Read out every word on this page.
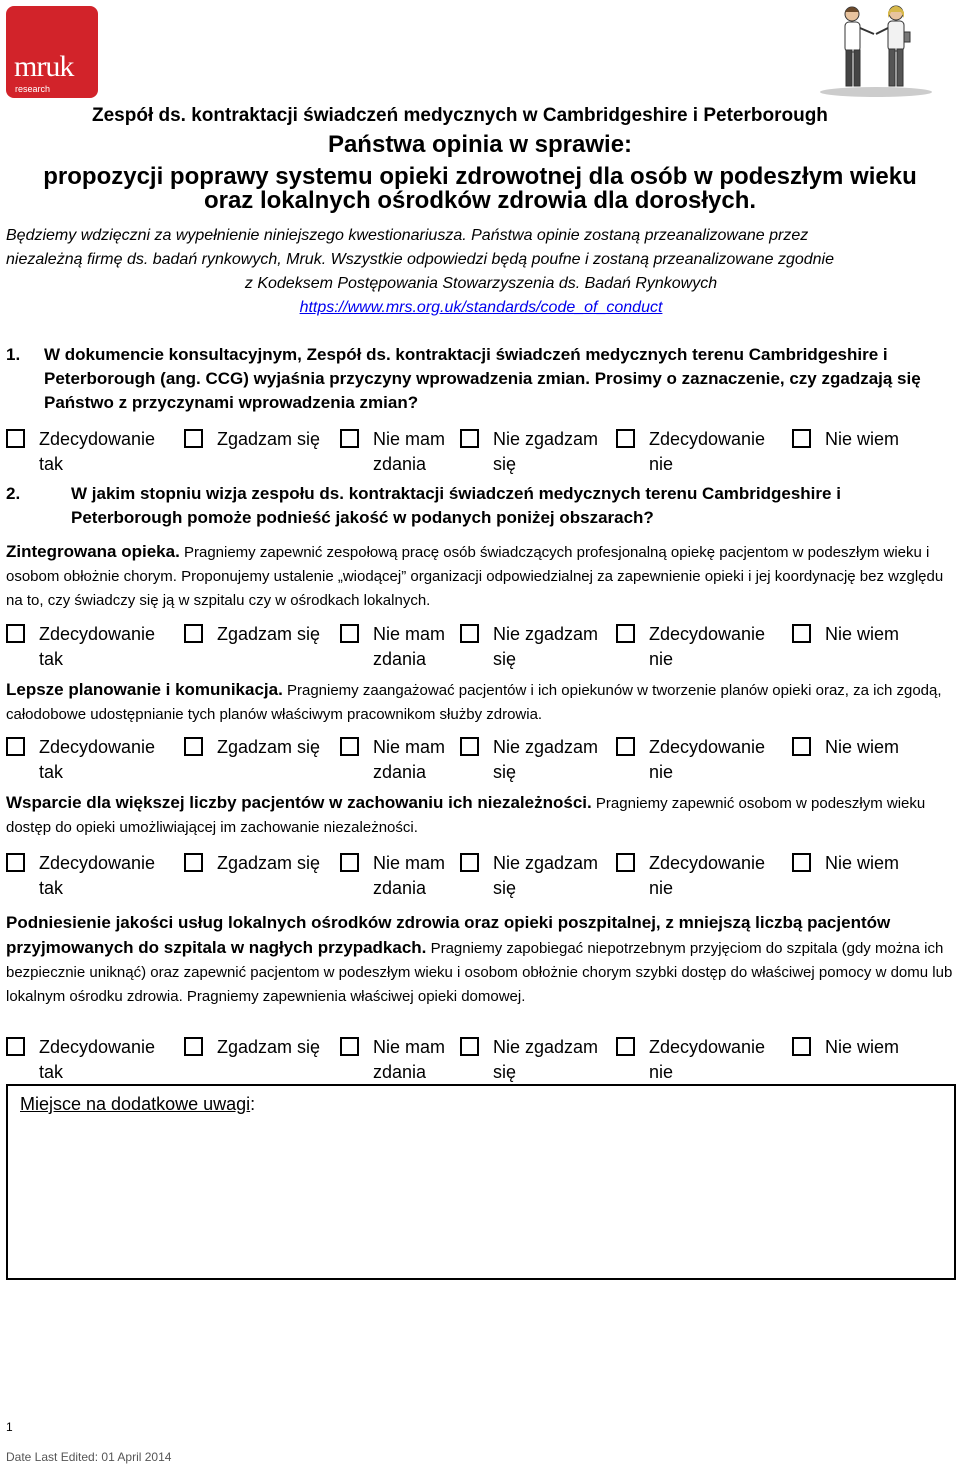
mruk
research
Zespół ds. kontraktacji świadczeń medycznych w Cambridgeshire i Peterborough
Państwa opinia w sprawie:
propozycji poprawy systemu opieki zdrowotnej dla osób w podeszłym wieku
oraz lokalnych ośrodków zdrowia dla dorosłych.

Będziemy wdzięczni za wypełnienie niniejszego kwestionariusza. Państwa opinie zostaną przeanalizowane przez

niezależną firmę ds. badań rynkowych, Mruk. Wszystkie odpowiedzi będą poufne i zostaną przeanalizowane zgodnie

z Kodeksem Postępowania Stowarzyszenia ds. Badań Rynkowych

https://www.mrs.org.uk/standards/code_of_conduct
1. W dokumencie konsultacyjnym, Zespół ds. kontraktacji świadczeń medycznych terenu Cambridgeshire i Peterborough (ang. CCG) wyjaśnia przyczyny wprowadzenia zmian. Prosimy o zaznaczenie, czy zgadzają się Państwo z przyczynami wprowadzenia zmian?
Zdecydowanie
tak
Zgadzam się	Nie mam
zdania
Nie zgadzam
się
Zdecydowanie
nie
Nie wiem
2.	W jakim stopniu wizja zespołu ds. kontraktacji świadczeń medycznych terenu Cambridgeshire i Peterborough pomoże podnieść jakość w podanych poniżej obszarach?
Zintegrowana opieka. Pragniemy zapewnić zespołową pracę osób świadczących profesjonalną opiekę pacjentom w podeszłym wieku i osobom obłożnie chorym. Proponujemy ustalenie „wiodącej” organizacji odpowiedzialnej za zapewnienie opieki i jej koordynację bez względu na to, czy świadczy się ją w szpitalu czy w ośrodkach lokalnych.
Zdecydowanie
tak
Zgadzam się	Nie mam
zdania
Nie zgadzam
się
Zdecydowanie
nie
Nie wiem
Lepsze planowanie i komunikacja. Pragniemy zaangażować pacjentów i ich opiekunów w tworzenie planów opieki oraz, za ich zgodą, całodobowe udostępnianie tych planów właściwym pracownikom służby zdrowia.
Zdecydowanie
tak
Zgadzam się	Nie mam
zdania
Nie zgadzam
się
Zdecydowanie
nie
Nie wiem
Wsparcie dla większej liczby pacjentów w zachowaniu ich niezależności. Pragniemy zapewnić osobom w podeszłym wieku dostęp do opieki umożliwiającej im zachowanie niezależności.
Zdecydowanie
tak
Zgadzam się	Nie mam
zdania
Nie zgadzam
się
Zdecydowanie
nie
Nie wiem
Podniesienie jakości usług lokalnych ośrodków zdrowia oraz opieki poszpitalnej, z mniejszą liczbą pacjentów przyjmowanych do szpitala w nagłych przypadkach. Pragniemy zapobiegać niepotrzebnym przyjęciom do szpitala (gdy można ich bezpiecznie uniknąć) oraz zapewnić pacjentom w podeszłym wieku i osobom obłożnie chorym szybki dostęp do właściwej pomocy w domu lub lokalnym ośrodku zdrowia. Pragniemy zapewnienia właściwej opieki domowej.
Zdecydowanie
tak
Zgadzam się	Nie mam
zdania
Nie zgadzam
się
Zdecydowanie
nie
Nie wiem
Miejsce na dodatkowe uwagi:
1
Date Last Edited: 01 April 2014
